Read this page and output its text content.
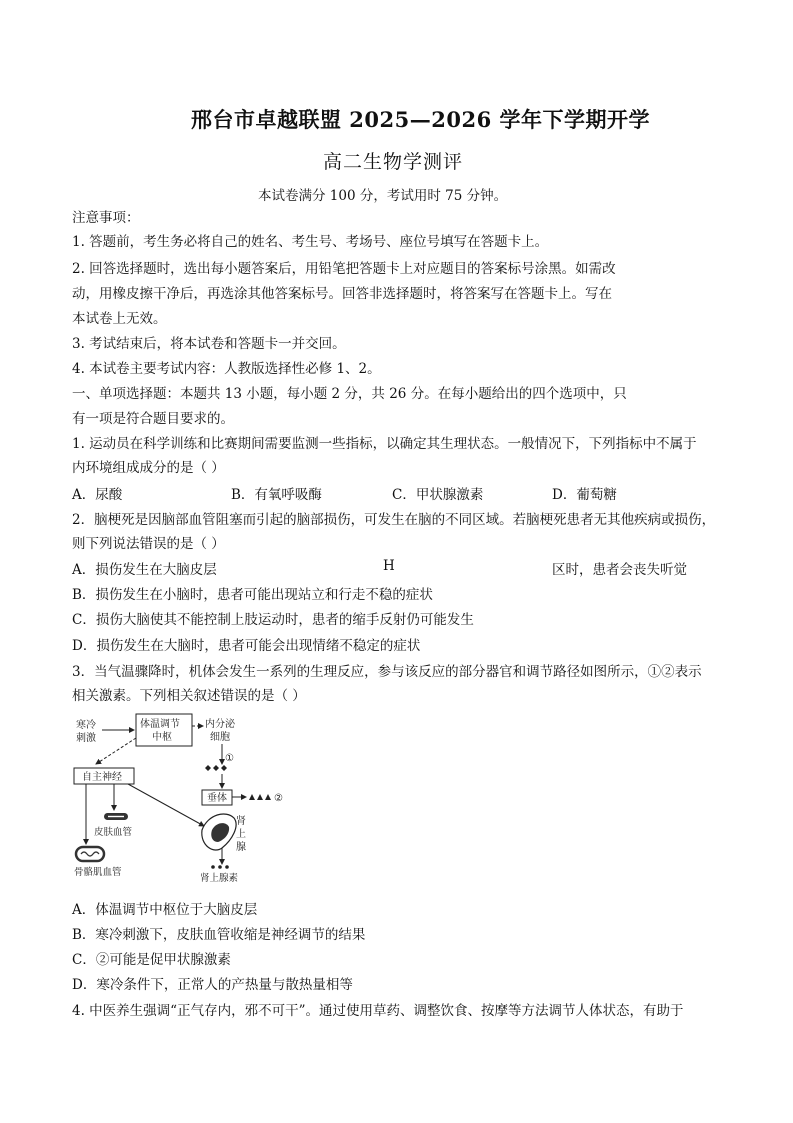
邢台市卓越联盟 2025—2026 学年下学期开学
高二生物学测评
本试卷满分 100 分，考试用时 75 分钟。
注意事项：
1. 答题前，考生务必将自己的姓名、考生号、考场号、座位号填写在答题卡上。
2. 回答选择题时，选出每小题答案后，用铅笔把答题卡上对应题目的答案标号涂黑。如需改
动，用橡皮擦干净后，再选涂其他答案标号。回答非选择题时，将答案写在答题卡上。写在
本试卷上无效。
3. 考试结束后，将本试卷和答题卡一并交回。
4. 本试卷主要考试内容：人教版选择性必修 1、2。
一、单项选择题：本题共 13 小题，每小题 2 分，共 26 分。在每小题给出的四个选项中，只
有一项是符合题目要求的。
1. 运动员在科学训练和比赛期间需要监测一些指标，以确定其生理状态。一般情况下，下列指标中不属于
内环境组成成分的是（ ）
A．尿酸	B．有氧呼吸酶	C．甲状腺激素	D．葡萄糖
2．脑梗死是因脑部血管阻塞而引起的脑部损伤，可发生在脑的不同区域。若脑梗死患者无其他疾病或损伤，
则下列说法错误的是（ ）
A．损伤发生在大脑皮层	H	区时，患者会丧失听觉
B．损伤发生在小脑时，患者可能出现站立和行走不稳的症状
C．损伤大脑使其不能控制上肢运动时，患者的缩手反射仍可能发生
D．损伤发生在大脑时，患者可能会出现情绪不稳定的症状
3．当气温骤降时，机体会发生一系列的生理反应，参与该反应的部分器官和调节路径如图所示，①②表示
相关激素。下列相关叙述错误的是（ ）
寒冷
刺激
体温调节
中枢
内分泌
细胞
①
自主神经
垂体	②
皮肤血管
骨骼肌血管
肾
上
腺
肾上腺素
A．体温调节中枢位于大脑皮层
B．寒冷刺激下，皮肤血管收缩是神经调节的结果
C．②可能是促甲状腺激素
D．寒冷条件下，正常人的产热量与散热量相等
4. 中医养生强调“正气存内，邪不可干”。通过使用草药、调整饮食、按摩等方法调节人体状态，有助于
